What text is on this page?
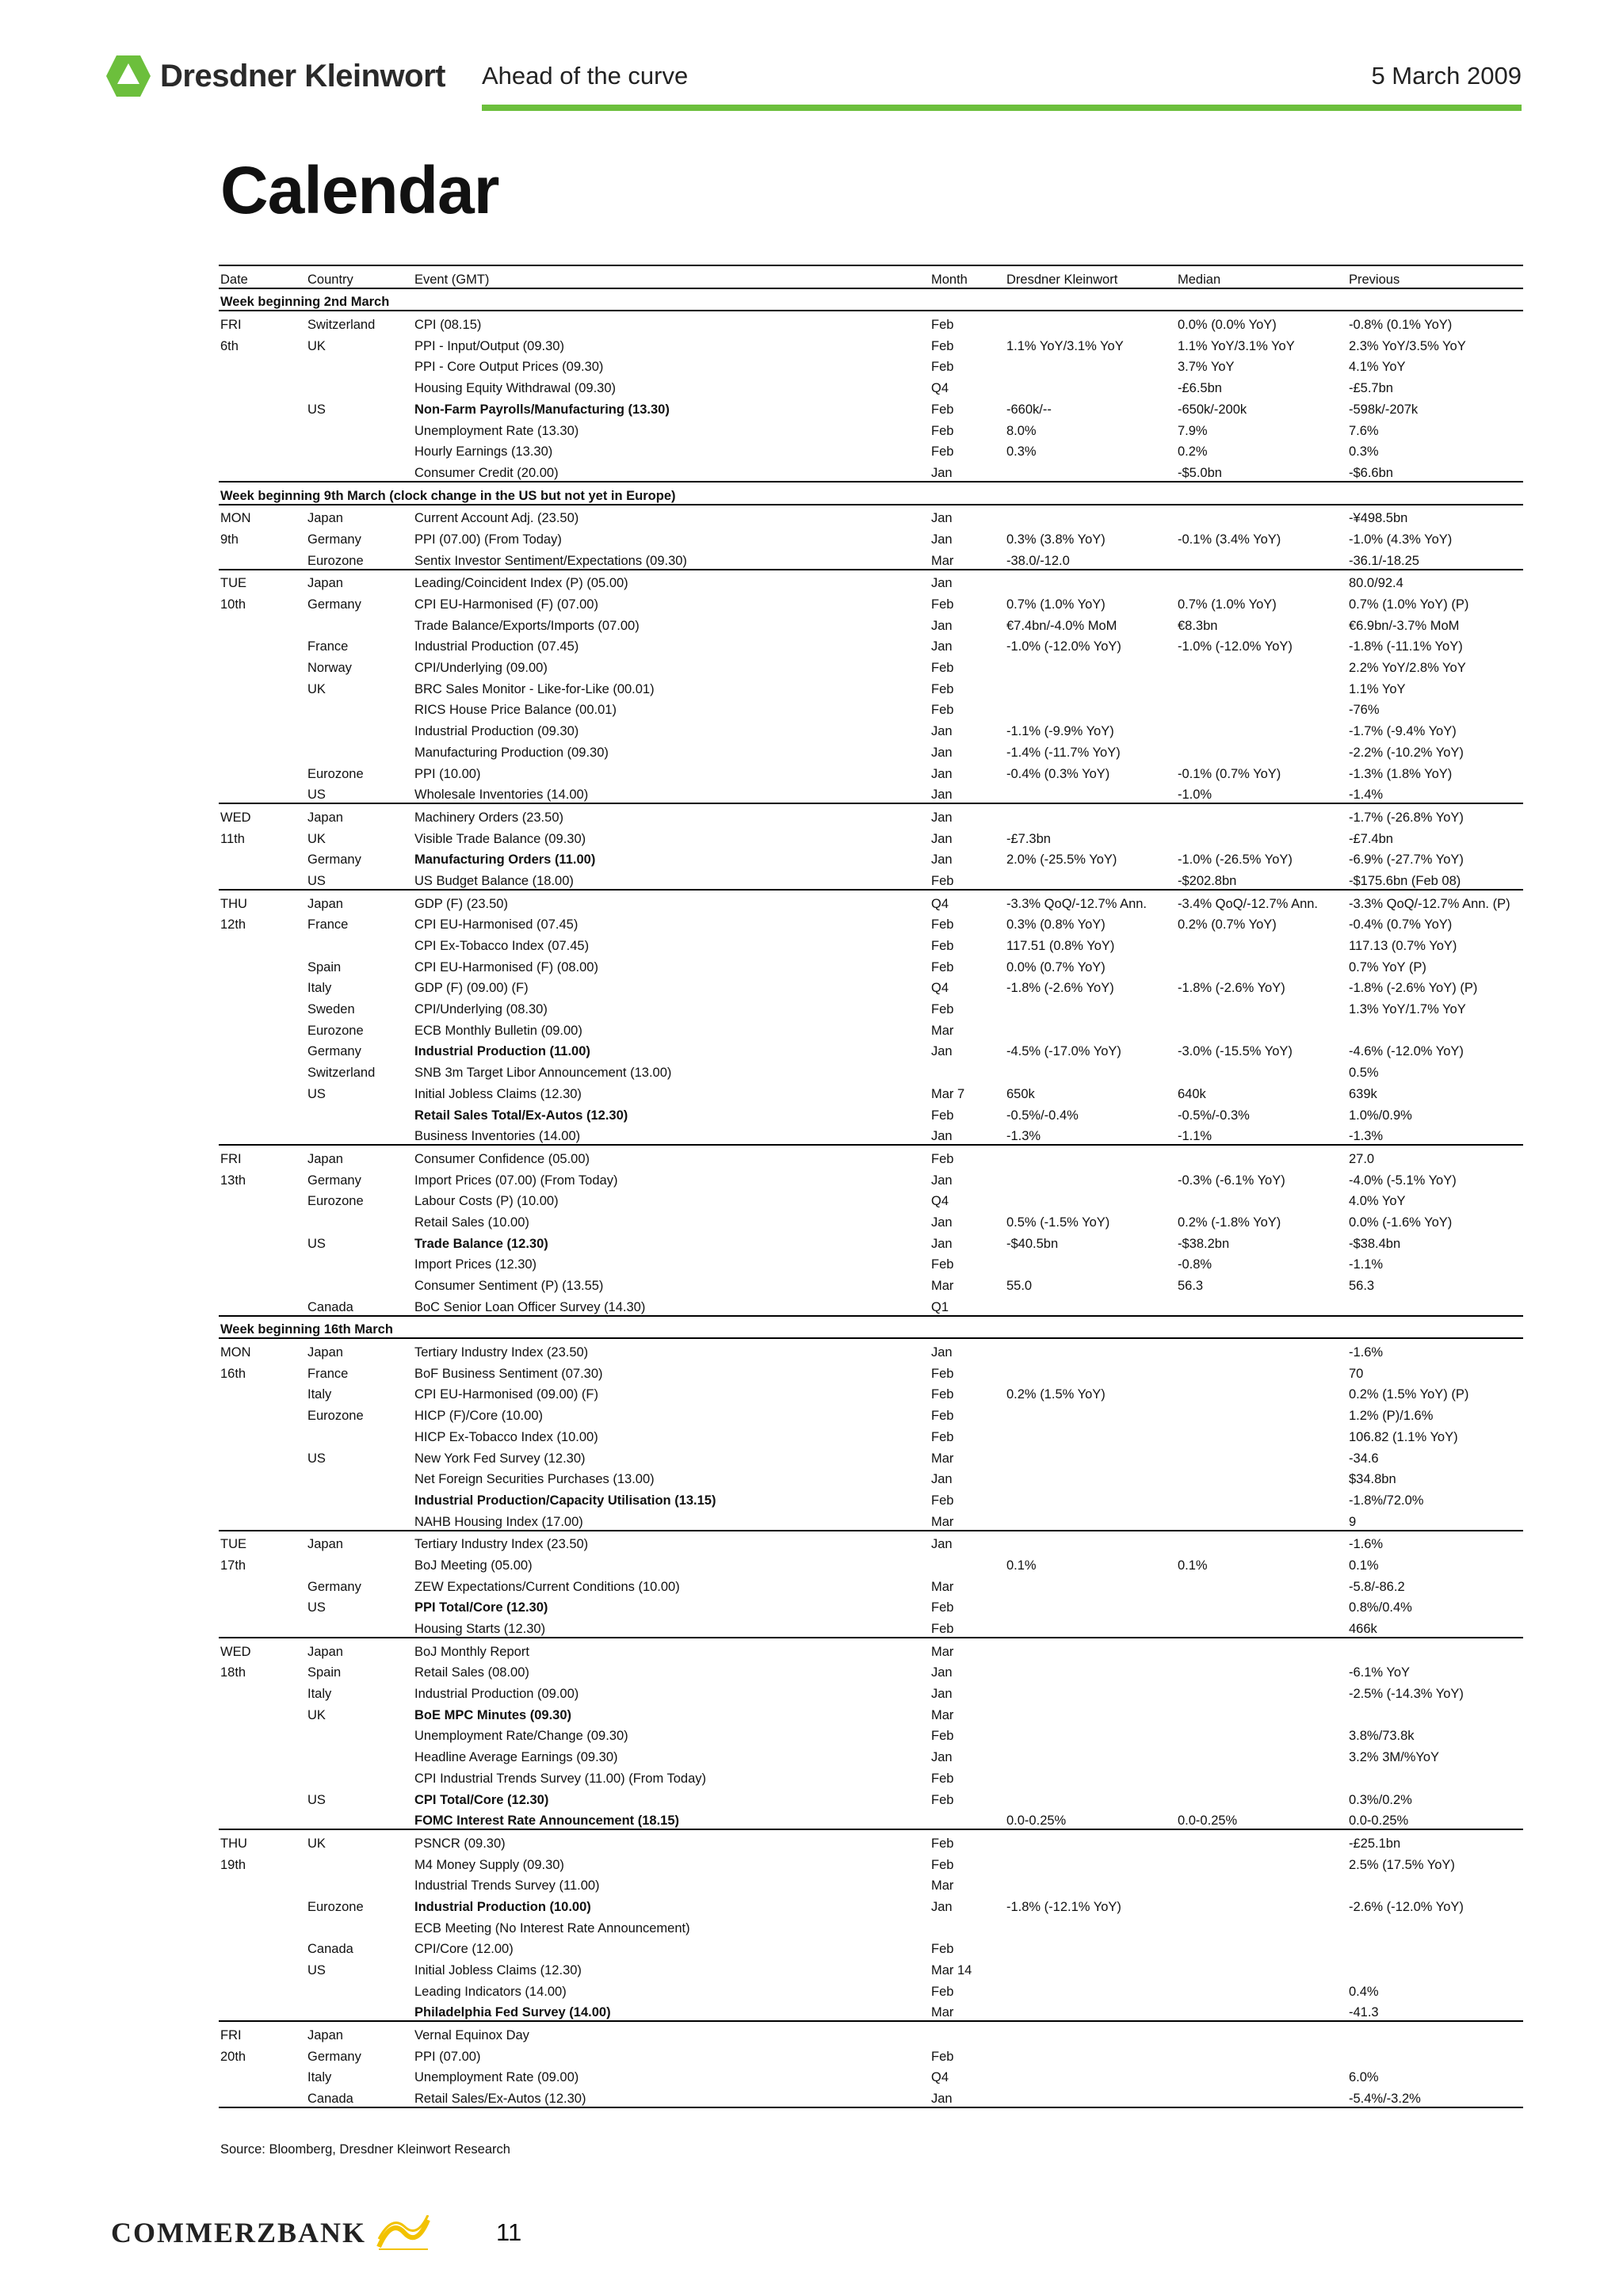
Dresdner Kleinwort Ahead of the curve	5 March 2009
Calendar
Date	Country	Event (GMT)	Month	Dresdner Kleinwort	Median	Previous
Week beginning 2nd March						
FRI	Switzerland	CPI (08.15)	Feb		0.0% (0.0% YoY)	-0.8% (0.1% YoY)
6th	UK	PPI - Input/Output (09.30)	Feb	1.1% YoY/3.1% YoY	1.1% YoY/3.1% YoY	2.3% YoY/3.5% YoY
		PPI - Core Output Prices (09.30)	Feb		3.7% YoY	4.1% YoY
		Housing Equity Withdrawal (09.30)	Q4		-£6.5bn	-£5.7bn
	US	Non-Farm Payrolls/Manufacturing (13.30)	Feb	-660k/--	-650k/-200k	-598k/-207k
		Unemployment Rate (13.30)	Feb	8.0%	7.9%	7.6%
		Hourly Earnings (13.30)	Feb	0.3%	0.2%	0.3%
		Consumer Credit (20.00)	Jan		-$5.0bn	-$6.6bn
Week beginning 9th March (clock change in the US but not yet in Europe)						
MON	Japan	Current Account Adj. (23.50)	Jan			-¥498.5bn
9th	Germany	PPI (07.00) (From Today)	Jan	0.3% (3.8% YoY)	-0.1% (3.4% YoY)	-1.0% (4.3% YoY)
	Eurozone	Sentix Investor Sentiment/Expectations (09.30)	Mar	-38.0/-12.0		-36.1/-18.25
TUE	Japan	Leading/Coincident Index (P) (05.00)	Jan			80.0/92.4
10th	Germany	CPI EU-Harmonised (F) (07.00)	Feb	0.7% (1.0% YoY)	0.7% (1.0% YoY)	0.7% (1.0% YoY) (P)
		Trade Balance/Exports/Imports (07.00)	Jan	€7.4bn/-4.0% MoM	€8.3bn	€6.9bn/-3.7% MoM
	France	Industrial Production (07.45)	Jan	-1.0% (-12.0% YoY)	-1.0% (-12.0% YoY)	-1.8% (-11.1% YoY)
	Norway	CPI/Underlying (09.00)	Feb			2.2% YoY/2.8% YoY
	UK	BRC Sales Monitor - Like-for-Like (00.01)	Feb			1.1% YoY
		RICS House Price Balance (00.01)	Feb			-76%
		Industrial Production (09.30)	Jan	-1.1% (-9.9% YoY)		-1.7% (-9.4% YoY)
		Manufacturing Production (09.30)	Jan	-1.4% (-11.7% YoY)		-2.2% (-10.2% YoY)
	Eurozone	PPI (10.00)	Jan	-0.4% (0.3% YoY)	-0.1% (0.7% YoY)	-1.3% (1.8% YoY)
	US	Wholesale Inventories (14.00)	Jan		-1.0%	-1.4%
WED	Japan	Machinery Orders (23.50)	Jan			-1.7% (-26.8% YoY)
11th	UK	Visible Trade Balance (09.30)	Jan	-£7.3bn		-£7.4bn
	Germany	Manufacturing Orders (11.00)	Jan	2.0% (-25.5% YoY)	-1.0% (-26.5% YoY)	-6.9% (-27.7% YoY)
	US	US Budget Balance (18.00)	Feb		-$202.8bn	-$175.6bn (Feb 08)
THU	Japan	GDP (F) (23.50)	Q4	-3.3% QoQ/-12.7% Ann.	-3.4% QoQ/-12.7% Ann.	-3.3% QoQ/-12.7% Ann. (P)
12th	France	CPI EU-Harmonised (07.45)	Feb	0.3% (0.8% YoY)	0.2% (0.7% YoY)	-0.4% (0.7% YoY)
		CPI Ex-Tobacco Index (07.45)	Feb	117.51 (0.8% YoY)		117.13 (0.7% YoY)
	Spain	CPI EU-Harmonised (F) (08.00)	Feb	0.0% (0.7% YoY)		0.7% YoY (P)
	Italy	GDP (F) (09.00) (F)	Q4	-1.8% (-2.6% YoY)	-1.8% (-2.6% YoY)	-1.8% (-2.6% YoY) (P)
	Sweden	CPI/Underlying (08.30)	Feb			1.3% YoY/1.7% YoY
	Eurozone	ECB Monthly Bulletin (09.00)	Mar			
	Germany	Industrial Production (11.00)	Jan	-4.5% (-17.0% YoY)	-3.0% (-15.5% YoY)	-4.6% (-12.0% YoY)
	Switzerland	SNB 3m Target Libor Announcement (13.00)				0.5%
	US	Initial Jobless Claims (12.30)	Mar 7	650k	640k	639k
		Retail Sales Total/Ex-Autos (12.30)	Feb	-0.5%/-0.4%	-0.5%/-0.3%	1.0%/0.9%
		Business Inventories (14.00)	Jan	-1.3%	-1.1%	-1.3%
FRI	Japan	Consumer Confidence (05.00)	Feb			27.0
13th	Germany	Import Prices (07.00) (From Today)	Jan		-0.3% (-6.1% YoY)	-4.0% (-5.1% YoY)
	Eurozone	Labour Costs (P) (10.00)	Q4			4.0% YoY
		Retail Sales (10.00)	Jan	0.5% (-1.5% YoY)	0.2% (-1.8% YoY)	0.0% (-1.6% YoY)
	US	Trade Balance (12.30)	Jan	-$40.5bn	-$38.2bn	-$38.4bn
		Import Prices (12.30)	Feb		-0.8%	-1.1%
		Consumer Sentiment (P) (13.55)	Mar	55.0	56.3	56.3
	Canada	BoC Senior Loan Officer Survey (14.30)	Q1			
Week beginning 16th March						
MON	Japan	Tertiary Industry Index (23.50)	Jan			-1.6%
16th	France	BoF Business Sentiment (07.30)	Feb			70
	Italy	CPI EU-Harmonised (09.00) (F)	Feb	0.2% (1.5% YoY)		0.2% (1.5% YoY) (P)
	Eurozone	HICP (F)/Core (10.00)	Feb			1.2% (P)/1.6%
		HICP Ex-Tobacco Index (10.00)	Feb			106.82 (1.1% YoY)
	US	New York Fed Survey (12.30)	Mar			-34.6
		Net Foreign Securities Purchases (13.00)	Jan			$34.8bn
		Industrial Production/Capacity Utilisation (13.15)	Feb			-1.8%/72.0%
		NAHB Housing Index (17.00)	Mar			9
TUE	Japan	Tertiary Industry Index (23.50)	Jan			-1.6%
17th		BoJ Meeting (05.00)		0.1%	0.1%	0.1%
	Germany	ZEW Expectations/Current Conditions (10.00)	Mar			-5.8/-86.2
	US	PPI Total/Core (12.30)	Feb			0.8%/0.4%
		Housing Starts (12.30)	Feb			466k
WED	Japan	BoJ Monthly Report	Mar			
18th	Spain	Retail Sales (08.00)	Jan			-6.1% YoY
	Italy	Industrial Production (09.00)	Jan			-2.5% (-14.3% YoY)
	UK	BoE MPC Minutes (09.30)	Mar			
		Unemployment Rate/Change (09.30)	Feb			3.8%/73.8k
		Headline Average Earnings (09.30)	Jan			3.2% 3M/%YoY
		CPI Industrial Trends Survey (11.00) (From Today)	Feb			
	US	CPI Total/Core (12.30)	Feb			0.3%/0.2%
		FOMC Interest Rate Announcement (18.15)		0.0-0.25%	0.0-0.25%	0.0-0.25%
THU	UK	PSNCR (09.30)	Feb			-£25.1bn
19th		M4 Money Supply (09.30)	Feb			2.5% (17.5% YoY)
		Industrial Trends Survey (11.00)	Mar			
	Eurozone	Industrial Production (10.00)	Jan	-1.8% (-12.1% YoY)		-2.6% (-12.0% YoY)
		ECB Meeting (No Interest Rate Announcement)				
	Canada	CPI/Core (12.00)	Feb			
	US	Initial Jobless Claims (12.30)	Mar 14			
		Leading Indicators (14.00)	Feb			0.4%
		Philadelphia Fed Survey (14.00)	Mar			-41.3
FRI	Japan	Vernal Equinox Day				
20th	Germany	PPI (07.00)	Feb			
	Italy	Unemployment Rate (09.00)	Q4			6.0%
	Canada	Retail Sales/Ex-Autos (12.30)	Jan			-5.4%/-3.2%
Source: Bloomberg, Dresdner Kleinwort Research
COMMERZBANK	11
